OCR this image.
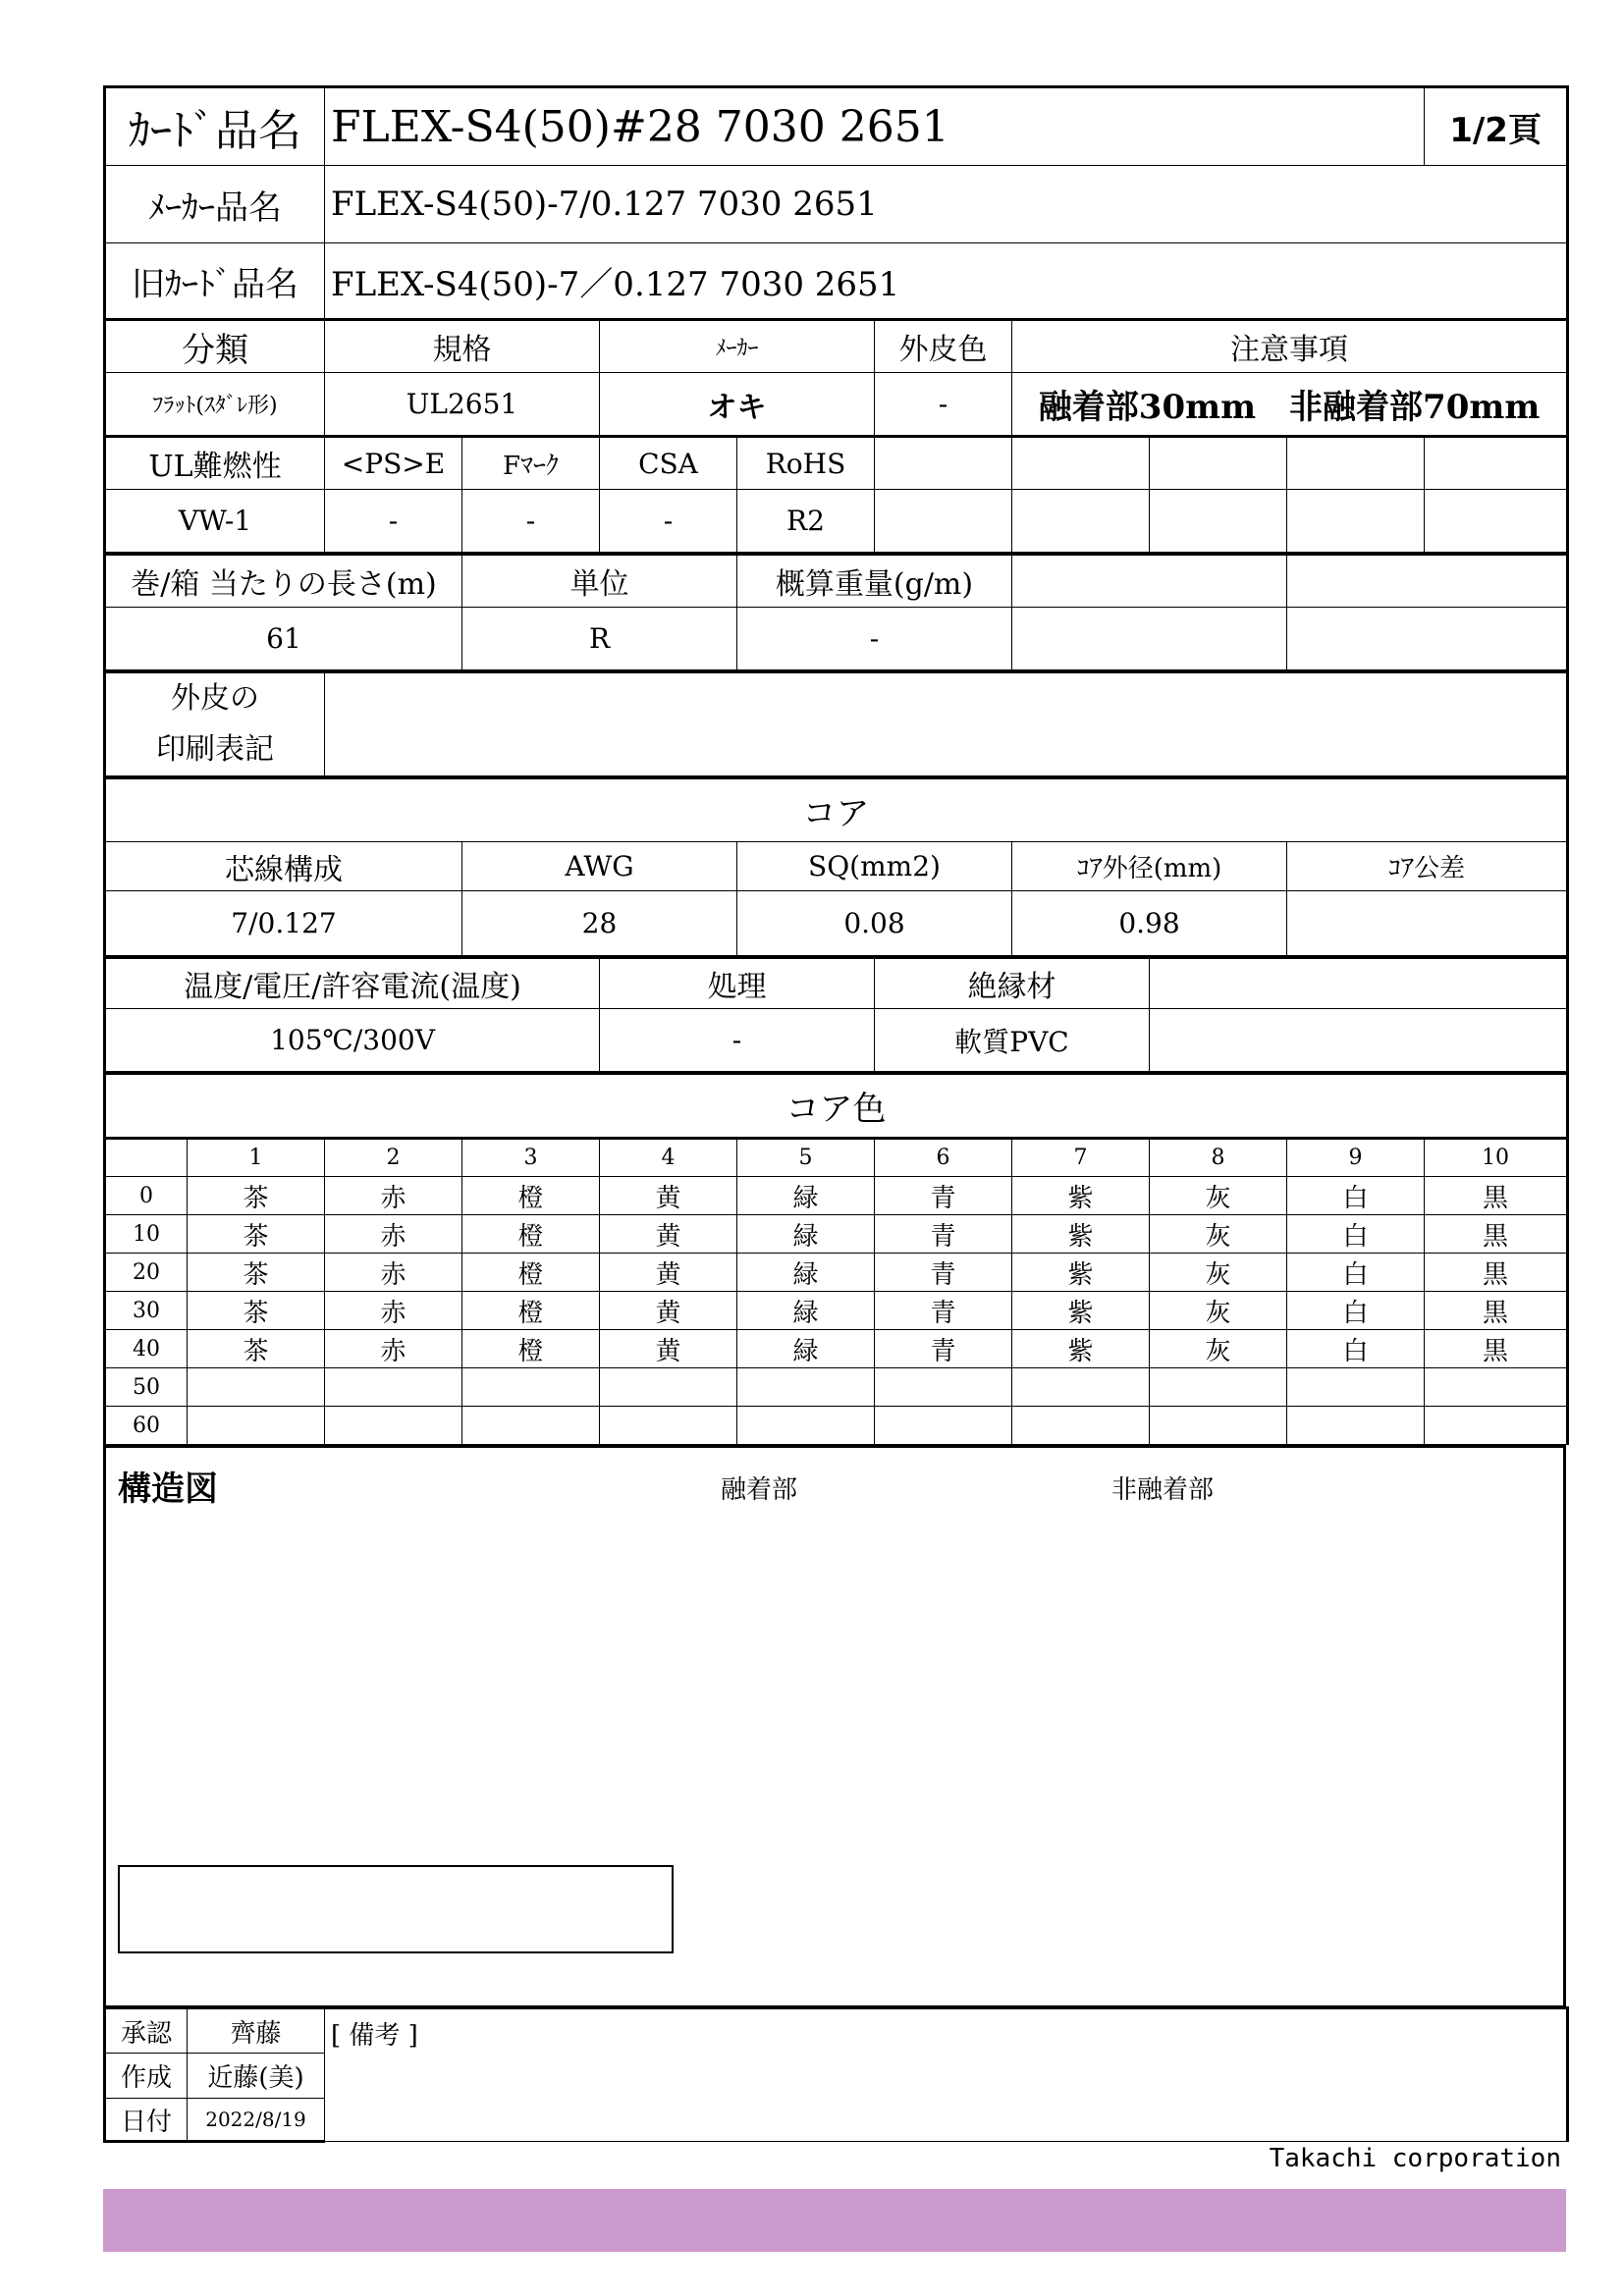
ｶｰﾄﾞ品名	FLEX-S4(50)#28 7030 2651								1/2頁
ﾒｰｶｰ品名	FLEX-S4(50)-7/0.127 7030 2651								
旧ｶｰﾄﾞ品名	FLEX-S4(50)-7／0.127 7030 2651								
分類	規格		ﾒｰｶｰ		外皮色	注意事項			
ﾌﾗｯﾄ(ｽﾀﾞﾚ形)	UL2651		オキ		-	融着部30mm　非融着部70mm			
UL難燃性	<PS>E	Fﾏｰｸ	CSA	RoHS					
VW-1	-	-	-	R2					
巻/箱 当たりの長さ(m)	単位	概算重量(g/m)		
61	R	-		
外皮の
印刷表記

コア				
芯線構成	AWG	SQ(mm2)	ｺｱ外径(mm)	ｺｱ公差
7/0.127	28	0.08	0.98	
温度/電圧/許容電流(温度)	処理	絶縁材	
105℃/300V	-	軟質PVC	
コア色										
	1	2	3	4	5	6	7	8	9	10
0	茶	赤	橙	黄	緑	青	紫	灰	白	黒
10	茶	赤	橙	黄	緑	青	紫	灰	白	黒
20	茶	赤	橙	黄	緑	青	紫	灰	白	黒
30	茶	赤	橙	黄	緑	青	紫	灰	白	黒
40	茶	赤	橙	黄	緑	青	紫	灰	白	黒
50										
60										
構造図	融着部	非融着部
承認	齊藤	[ 備考 ]
作成	近藤(美)	
日付	2022/8/19	
Takachi corporation
